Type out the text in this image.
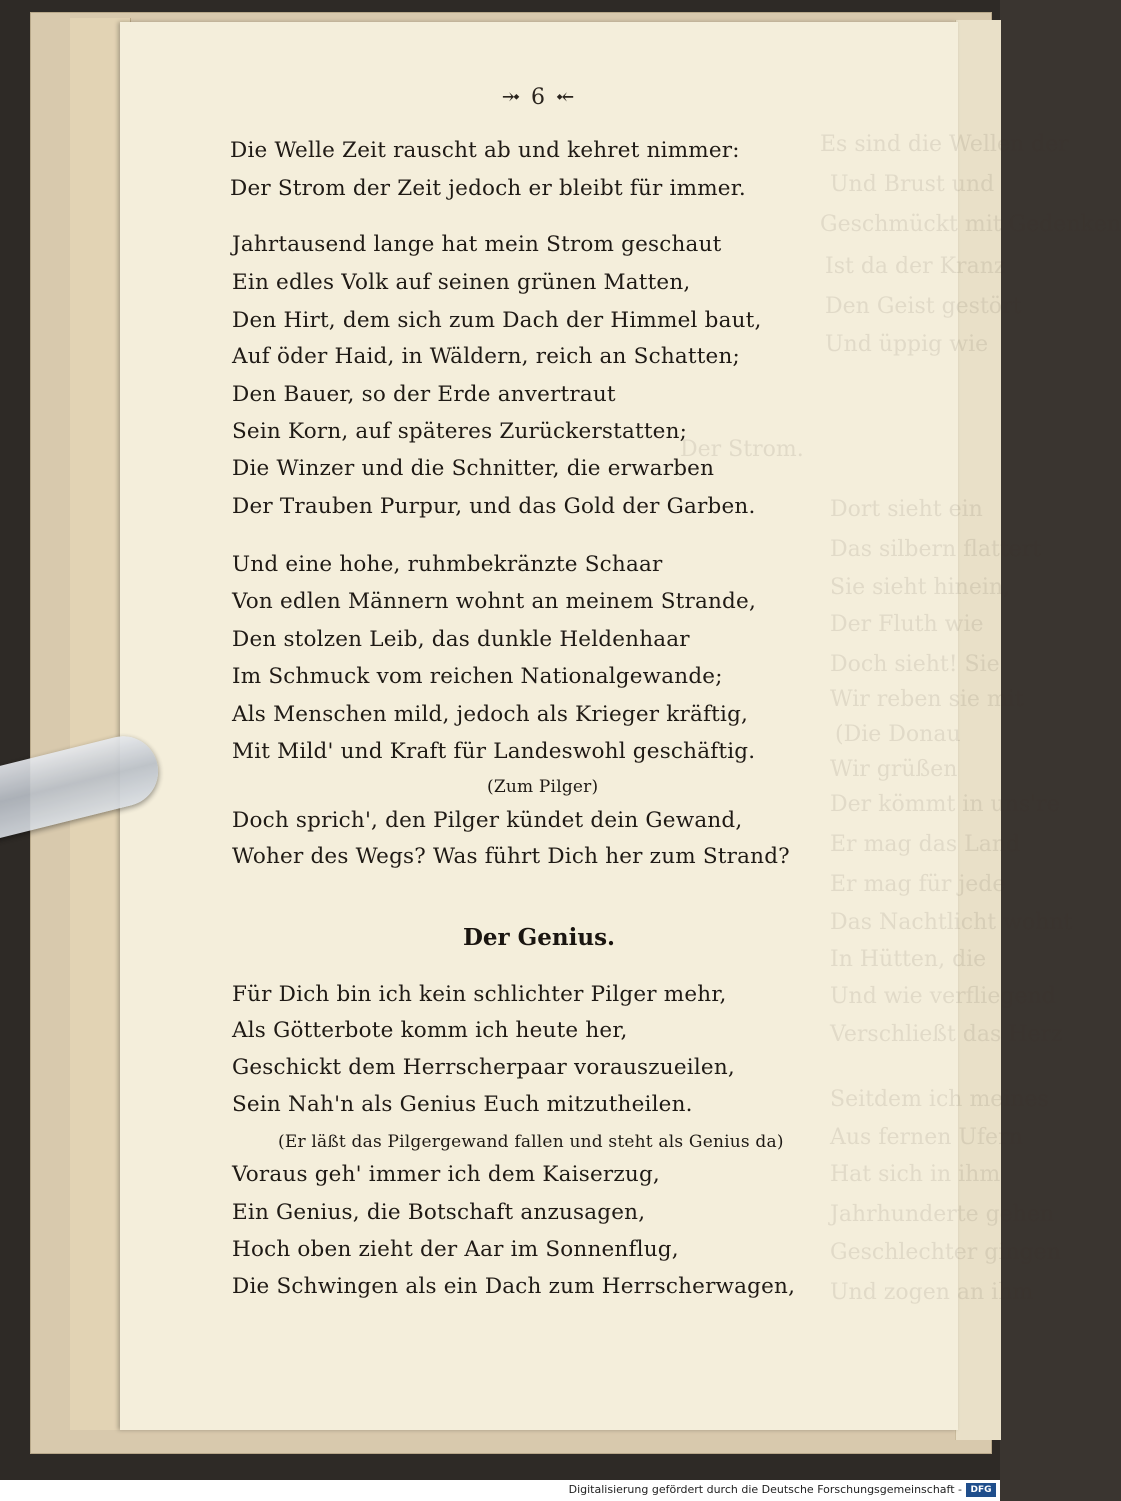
Es sind die Wellen der
Und Brust und
Geschmückt mit Gedenken
Ist da der Kranz
Den Geist gestört
Und üppig wie
Der Strom.
Dort sieht ein
Das silbern flattert
Sie sieht hinein,
Der Fluth wie
Doch sieht! Sie
Wir reben sie mit
(Die Donau
Wir grüßen
Der kömmt in uns're
Er mag das Land
Er mag für jede
Das Nachtlicht wohnt
In Hütten, die
Und wie verfliegend
Verschließt das Herz
Seitdem ich meines
Aus fernen Ufern
Hat sich in ihm
Jahrhunderte gehen
Geschlechter gingen
Und zogen an ihm
⤞ 6 ⤝
Die Welle Zeit rauscht ab und kehret nimmer:
Der Strom der Zeit jedoch er bleibt für immer.
Jahrtausend lange hat mein Strom geschaut
Ein edles Volk auf seinen grünen Matten,
Den Hirt, dem sich zum Dach der Himmel baut,
Auf öder Haid, in Wäldern, reich an Schatten;
Den Bauer, so der Erde anvertraut
Sein Korn, auf späteres Zurückerstatten;
Die Winzer und die Schnitter, die erwarben
Der Trauben Purpur, und das Gold der Garben.
Und eine hohe, ruhmbekränzte Schaar
Von edlen Männern wohnt an meinem Strande,
Den stolzen Leib, das dunkle Heldenhaar
Im Schmuck vom reichen Nationalgewande;
Als Menschen mild, jedoch als Krieger kräftig,
Mit Mild' und Kraft für Landeswohl geschäftig.
(Zum Pilger)
Doch sprich', den Pilger kündet dein Gewand,
Woher des Wegs? Was führt Dich her zum Strand?
Der Genius.
Für Dich bin ich kein schlichter Pilger mehr,
Als Götterbote komm ich heute her,
Geschickt dem Herrscherpaar vorauszueilen,
Sein Nah'n als Genius Euch mitzutheilen.
(Er läßt das Pilgergewand fallen und steht als Genius da)
Voraus geh' immer ich dem Kaiserzug,
Ein Genius, die Botschaft anzusagen,
Hoch oben zieht der Aar im Sonnenflug,
Die Schwingen als ein Dach zum Herrscherwagen,
Digitalisierung gefördert durch die Deutsche Forschungsgemeinschaft - DFG
